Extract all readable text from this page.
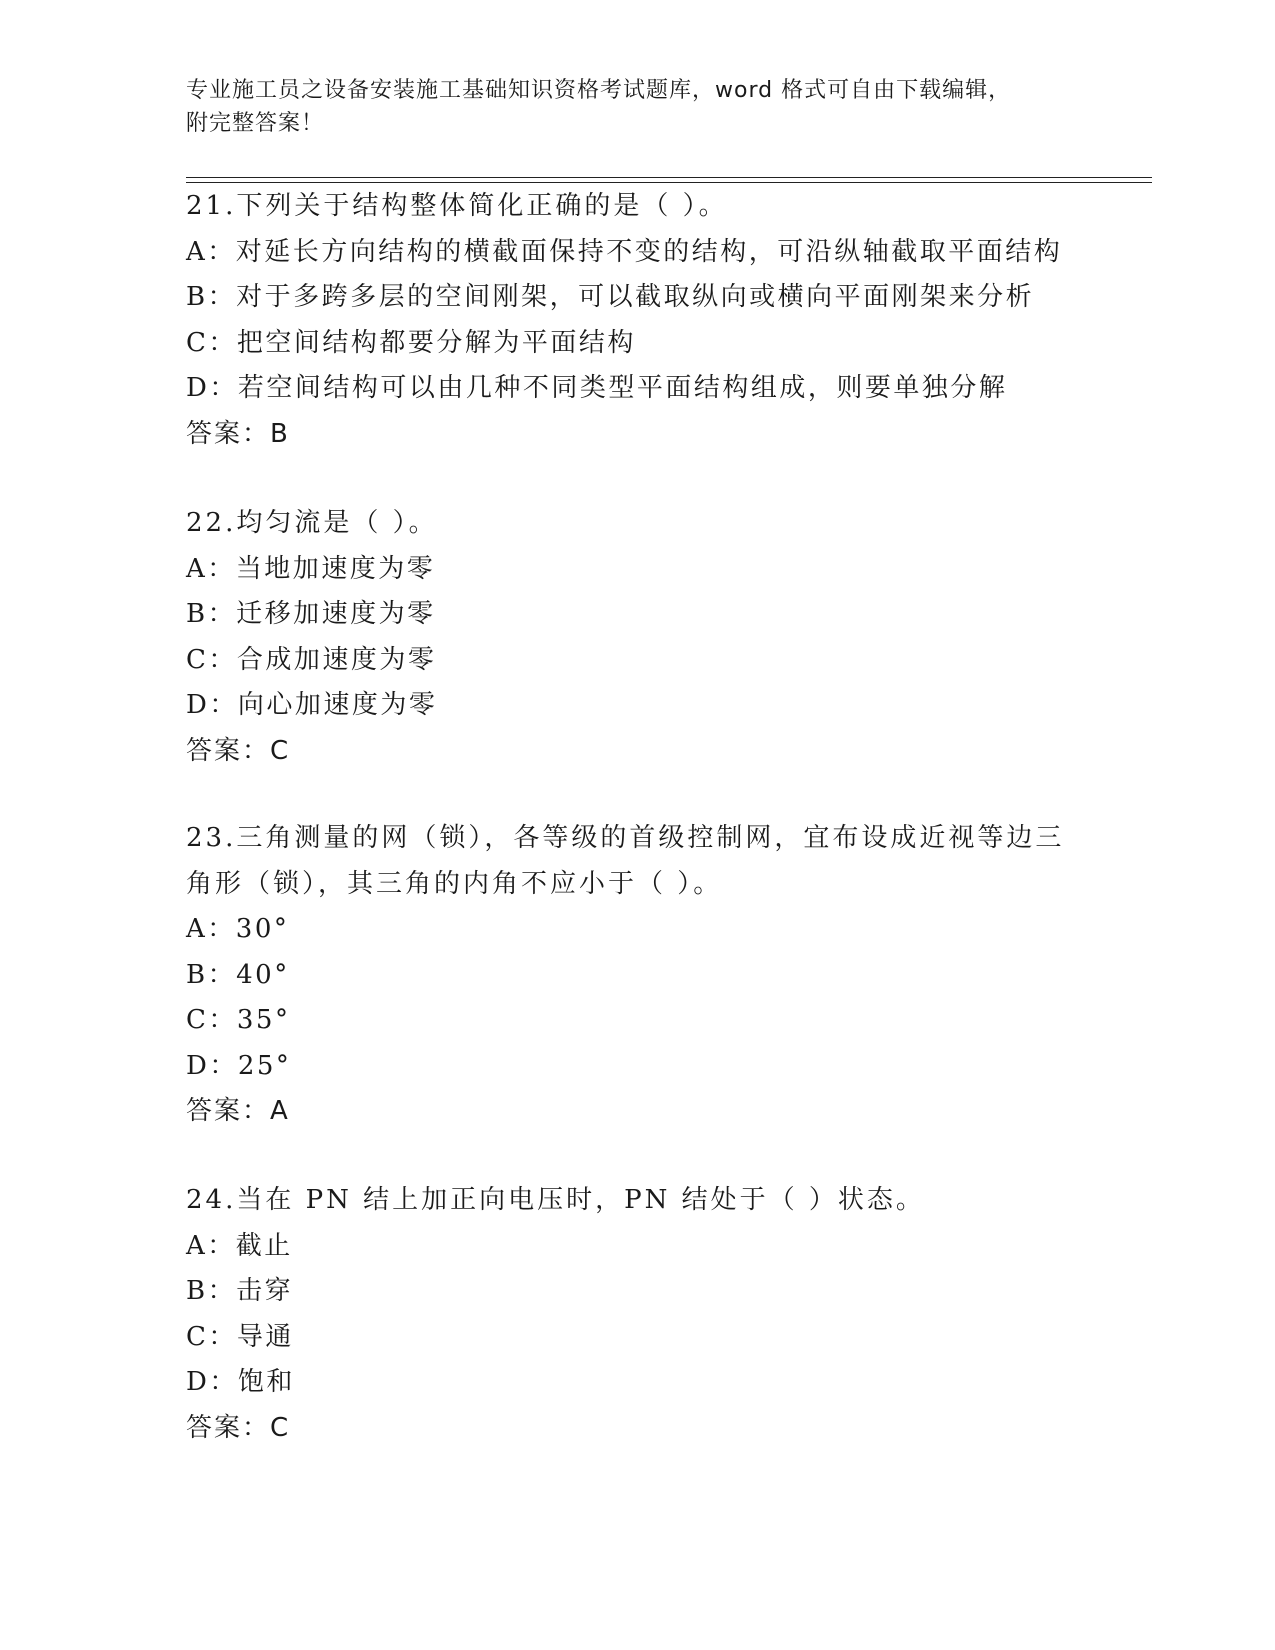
专业施工员之设备安装施工基础知识资格考试题库，word 格式可自由下载编辑，
附完整答案！
21.下列关于结构整体简化正确的是（ ）。
A：对延长方向结构的横截面保持不变的结构，可沿纵轴截取平面结构
B：对于多跨多层的空间刚架，可以截取纵向或横向平面刚架来分析
C：把空间结构都要分解为平面结构
D：若空间结构可以由几种不同类型平面结构组成，则要单独分解
答案：B
22.均匀流是（ ）。
A：当地加速度为零
B：迁移加速度为零
C：合成加速度为零
D：向心加速度为零
答案：C
23.三角测量的网（锁），各等级的首级控制网，宜布设成近视等边三
角形（锁），其三角的内角不应小于（ ）。
A：30°
B：40°
C：35°
D：25°
答案：A
24.当在 PN 结上加正向电压时，PN 结处于（ ）状态。
A：截止
B：击穿
C：导通
D：饱和
答案：C
